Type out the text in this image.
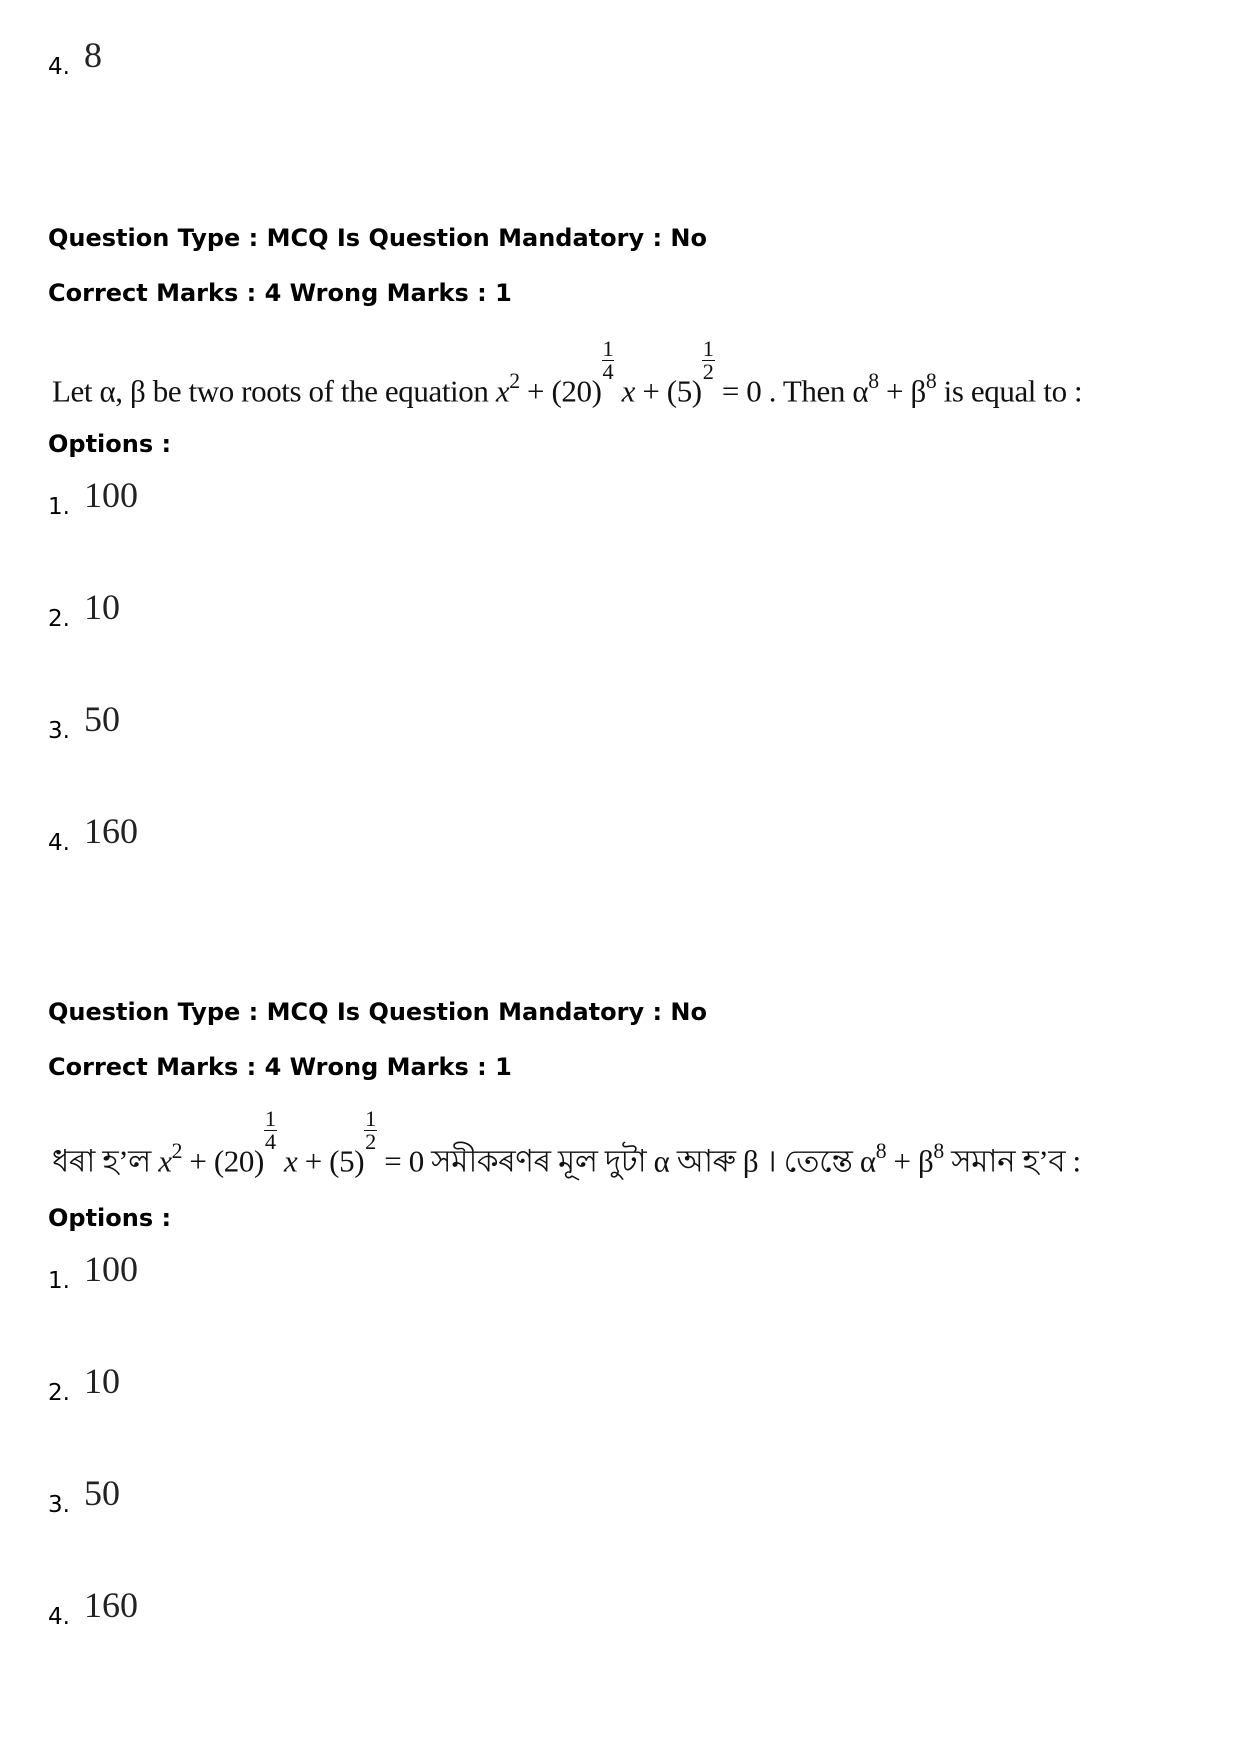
4. 8
Question Type : MCQ Is Question Mandatory : No
Correct Marks : 4 Wrong Marks : 1
Let α, β be two roots of the equation $x^2 + (20)$
$\frac{1}{4}$
x + (5)
$\frac{1}{2}$
= 0 . Then $\alpha^8 + \beta^8$ is equal to :
Options :
1. 100
2. 10
3. 50
4. 160
Question Type : MCQ Is Question Mandatory : No
Correct Marks : 4 Wrong Marks : 1
ধৰা হ’ল $x^2 + (20)$
$\frac{1}{4}$
x + (5)
$\frac{1}{2}$
= 0 সমীকৰণৰ মূল দুটা α আৰু β । তেন্তে $\alpha^8 + \beta^8$ সমান হ’ব :
Options :
1. 100
2. 10
3. 50
4. 160
